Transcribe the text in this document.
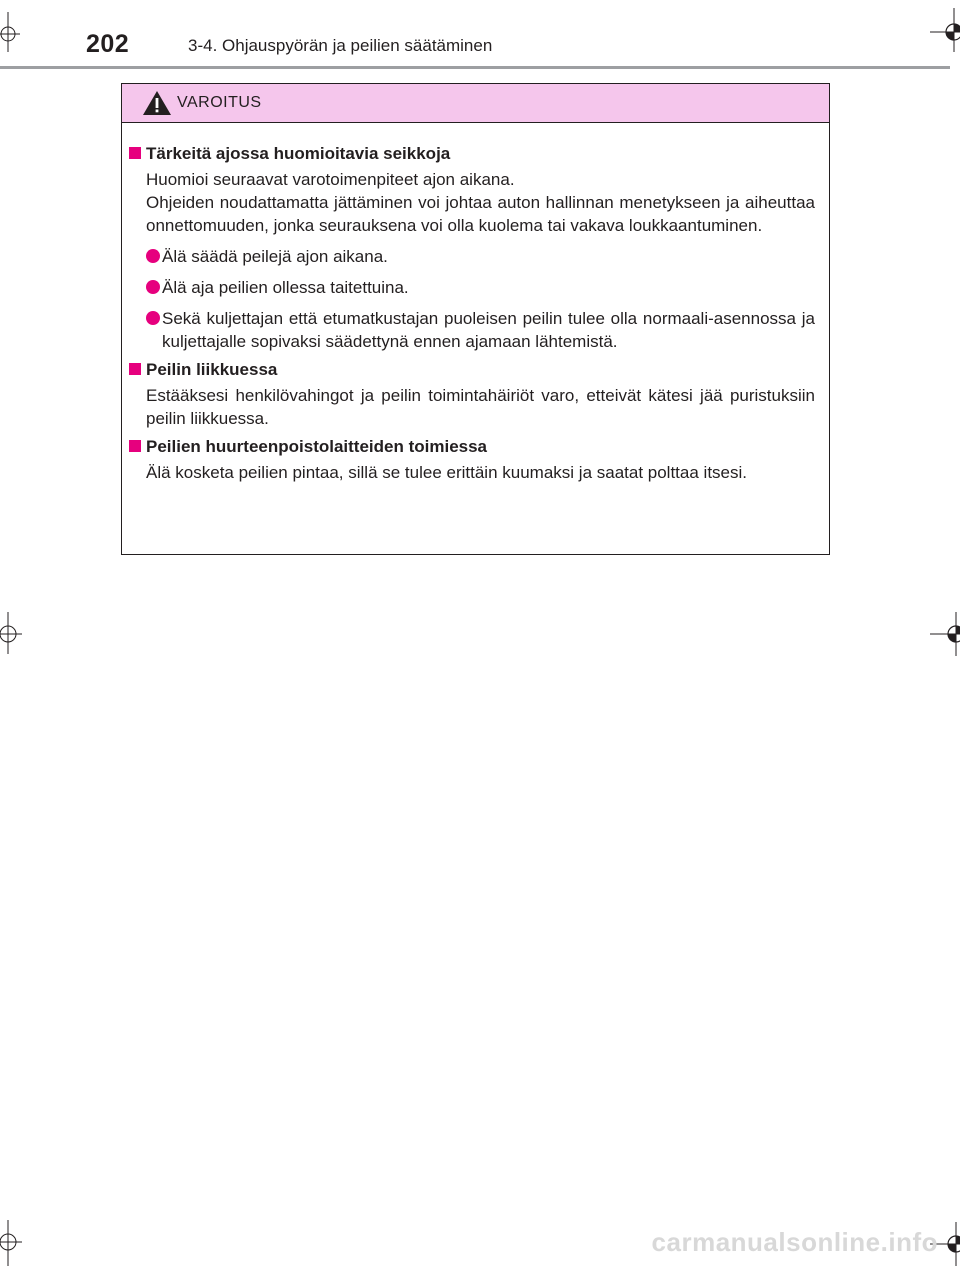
202	3-4. Ohjauspyörän ja peilien säätäminen
VAROITUS
Tärkeitä ajossa huomioitavia seikkoja
Huomioi seuraavat varotoimenpiteet ajon aikana.
Ohjeiden noudattamatta jättäminen voi johtaa auton hallinnan menetykseen ja aiheuttaa onnettomuuden, jonka seurauksena voi olla kuolema tai vakava loukkaantuminen.
Älä säädä peilejä ajon aikana.
Älä aja peilien ollessa taitettuina.
Sekä kuljettajan että etumatkustajan puoleisen peilin tulee olla normaali-asennossa ja kuljettajalle sopivaksi säädettynä ennen ajamaan lähtemistä.
Peilin liikkuessa
Estääksesi henkilövahingot ja peilin toimintahäiriöt varo, etteivät kätesi jää puristuksiin peilin liikkuessa.
Peilien huurteenpoistolaitteiden toimiessa
Älä kosketa peilien pintaa, sillä se tulee erittäin kuumaksi ja saatat polttaa itsesi.
carmanualsonline.info
